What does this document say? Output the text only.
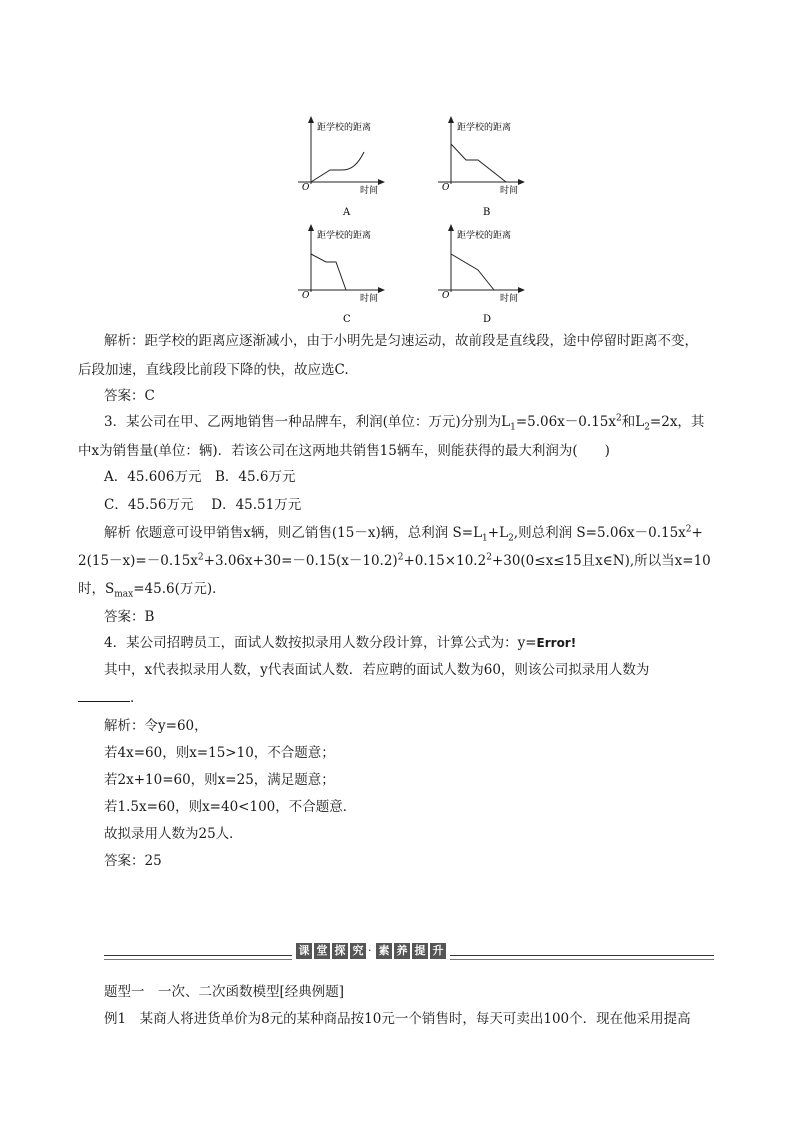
距学校的距离
时间
O
A
距学校的距离
时间
O
B
距学校的距离
时间
O
C
距学校的距离
时间
O
D
解析：距学校的距离应逐渐减小，由于小明先是匀速运动，故前段是直线段，途中停留时距离不变，
后段加速，直线段比前段下降的快，故应选C.
答案：C
3．某公司在甲、乙两地销售一种品牌车，利润(单位：万元)分别为$L_1=5.06x-0.15x^2$和$L_2=2x$，其
中x为销售量(单位：辆)．若该公司在这两地共销售15辆车，则能获得的最大利润为(　　)
A．45.606万元　B．45.6万元
C．45.56万元　 D．45.51万元
解析 依题意可设甲销售x辆，则乙销售(15－x)辆，总利润 $S=L_1+L_2$,则总利润 $S=5.06x-0.15x^2+$
$2(15-x)=-0.15x^2+3.06x+30=-0.15(x-10.2)^2+0.15\times 10.2^2+30(0\le x\le 15$且x∈N),所以当x=10
时，$S_{max}=45.6$(万元)．
答案：B
4．某公司招聘员工，面试人数按拟录用人数分段计算，计算公式为：y=Error!
其中，x代表拟录用人数，y代表面试人数．若应聘的面试人数为60，则该公司拟录用人数为
．
解析：令y=60，
若4x=60，则x=15>10，不合题意；
若2x+10=60，则x=25，满足题意；
若1.5x=60，则x=40<100，不合题意．
故拟录用人数为25人．
答案：25
课 堂 探 究 · 素 养 提 升
题型一　一次、二次函数模型[经典例题]
例1　某商人将进货单价为8元的某种商品按10元一个销售时，每天可卖出100个．现在他采用提高
